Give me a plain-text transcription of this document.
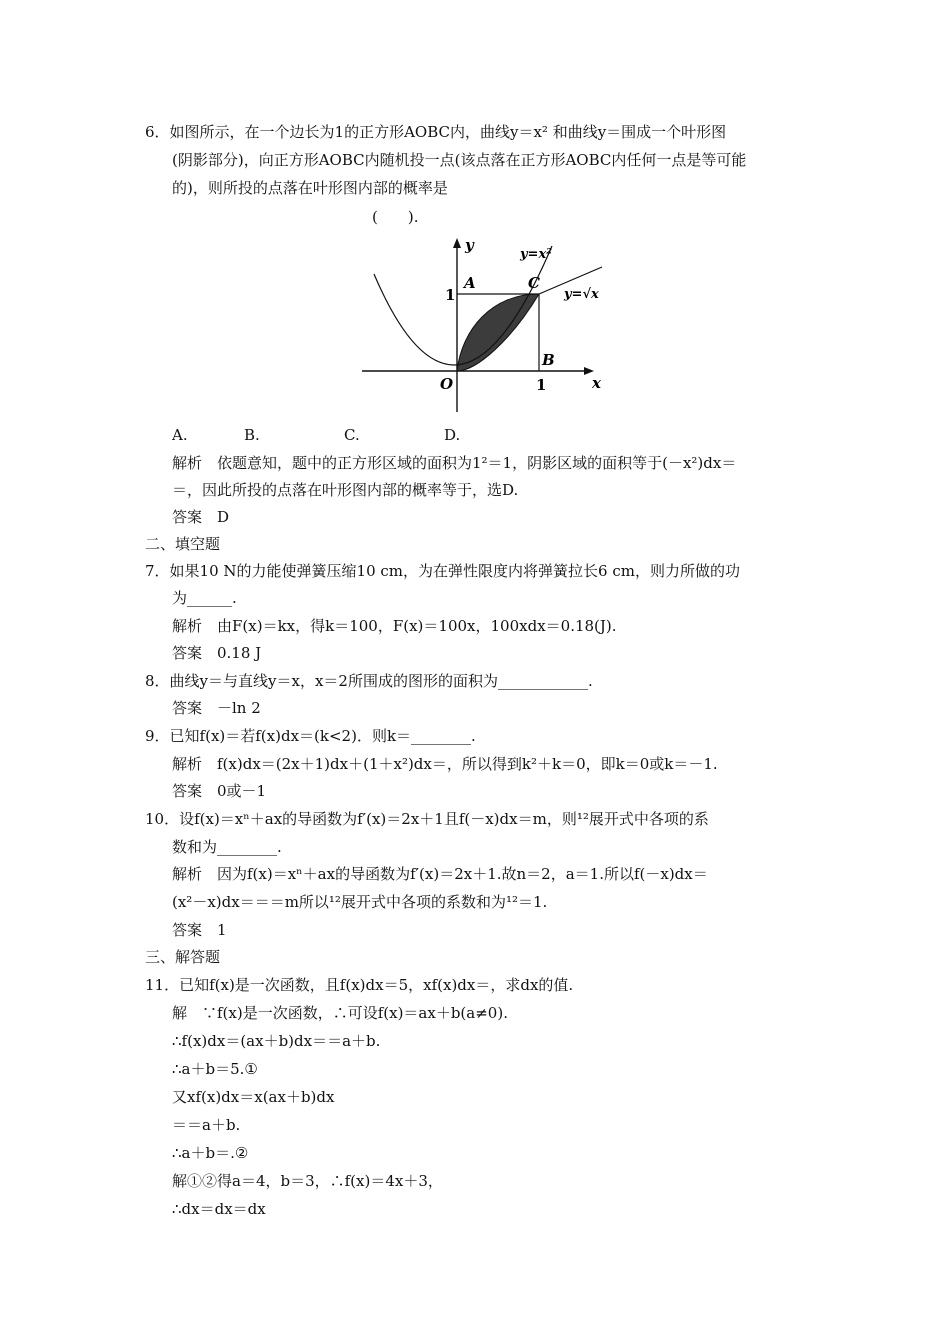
6．如图所示，在一个边长为1的正方形AOBC内，曲线y＝x² 和曲线y＝围成一个叶形图
(阴影部分)，向正方形AOBC内随机投一点(该点落在正方形AOBC内任何一点是等可能
的)，则所投的点落在叶形图内部的概率是
(　　).
y
x
O
A	C
B
1
1
y=x²
y=√x
A.	B.	C.	D.
解析　依题意知，题中的正方形区域的面积为1²＝1，阴影区域的面积等于(－x²)dx＝
＝，因此所投的点落在叶形图内部的概率等于，选D.
答案　D
二、填空题
7．如果10 N的力能使弹簧压缩10 cm，为在弹性限度内将弹簧拉长6 cm，则力所做的功
为______.
解析　由F(x)＝kx，得k＝100，F(x)＝100x，100xdx＝0.18(J).
答案　0.18 J
8．曲线y＝与直线y＝x，x＝2所围成的图形的面积为____________.
答案　－ln 2
9．已知f(x)＝若f(x)dx＝(k<2)．则k＝________.
解析　f(x)dx＝(2x＋1)dx＋(1＋x²)dx＝，所以得到k²＋k＝0，即k＝0或k＝－1.
答案　0或－1
10．设f(x)＝xⁿ＋ax的导函数为f′(x)＝2x＋1且f(－x)dx＝m，则¹²展开式中各项的系
数和为________.
解析　因为f(x)＝xⁿ＋ax的导函数为f′(x)＝2x＋1.故n＝2，a＝1.所以f(－x)dx＝
(x²－x)dx＝＝＝m所以¹²展开式中各项的系数和为¹²＝1.
答案　1
三、解答题
11．已知f(x)是一次函数，且f(x)dx＝5，xf(x)dx＝，求dx的值.
解　∵f(x)是一次函数，∴可设f(x)＝ax＋b(a≠0).
∴f(x)dx＝(ax＋b)dx＝＝a＋b.
∴a＋b＝5.①
又xf(x)dx＝x(ax＋b)dx
＝＝a＋b.
∴a＋b＝.②
解①②得a＝4，b＝3，∴f(x)＝4x＋3，
∴dx＝dx＝dx
